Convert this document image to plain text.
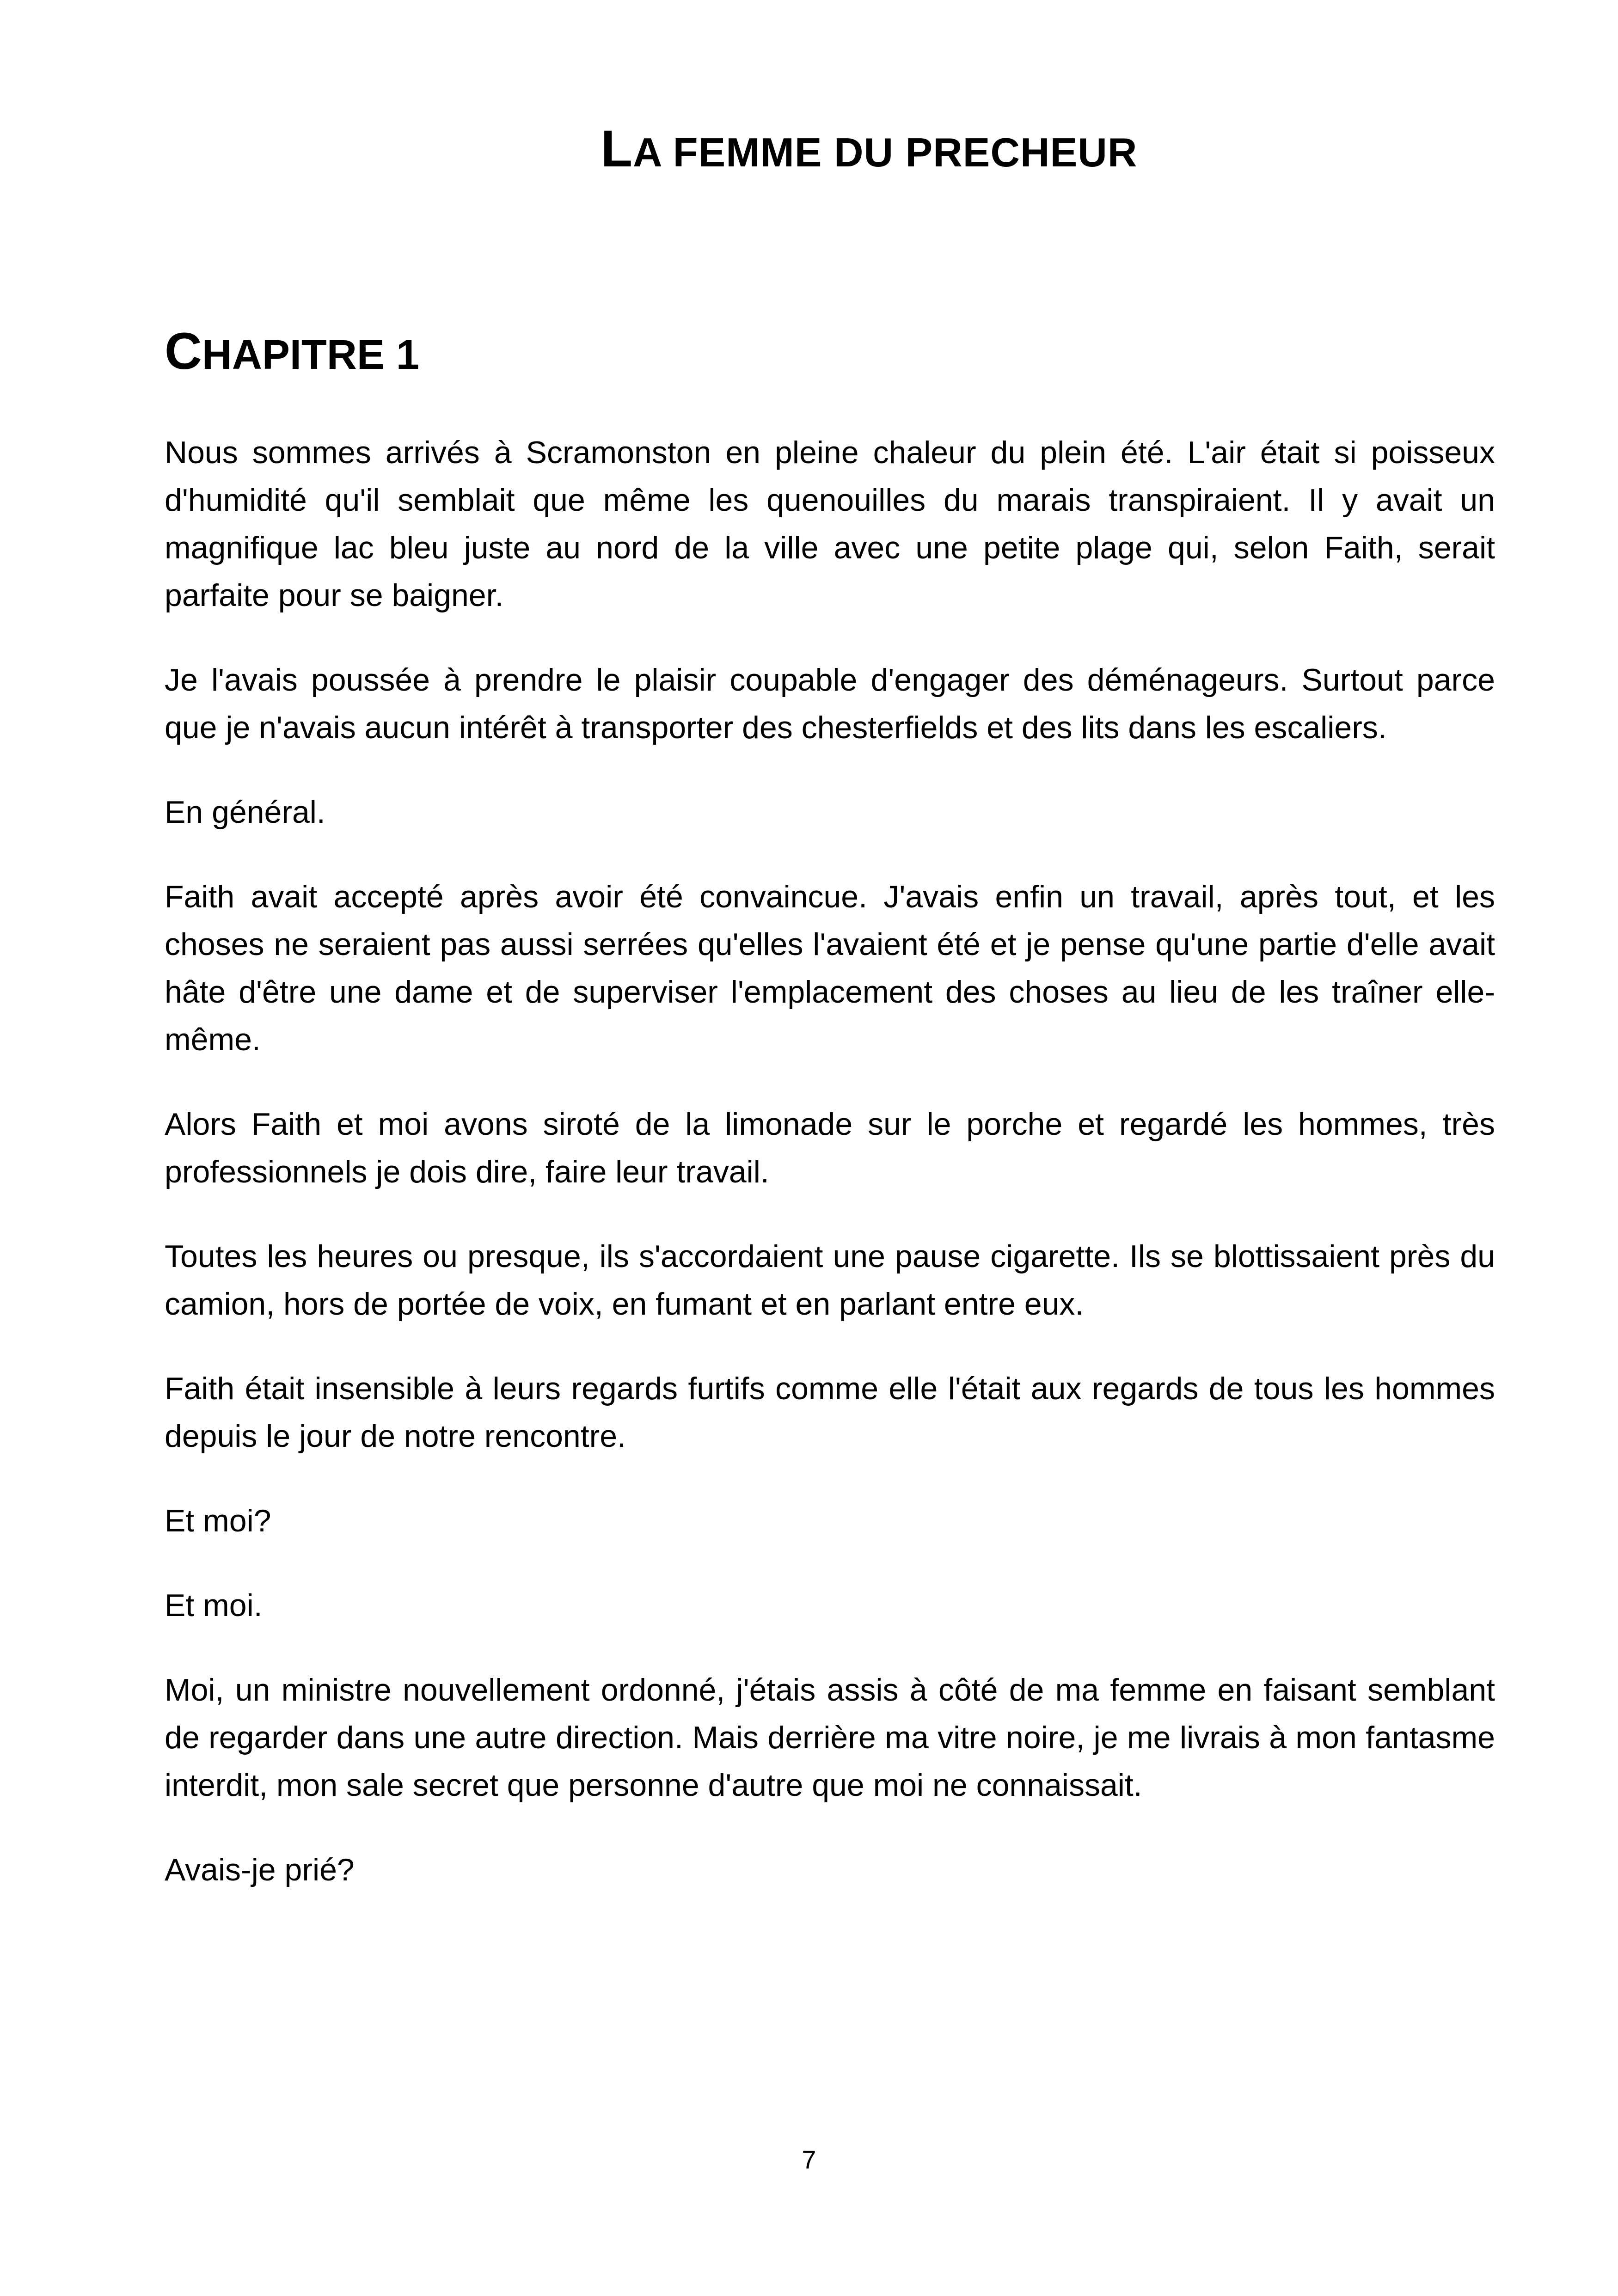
LA FEMME DU PRECHEUR
CHAPITRE 1

Nous sommes arrivés à Scramonston en pleine chaleur du plein été. L'air était si poisseux d'humidité qu'il semblait que même les quenouilles du marais transpiraient. Il y avait un magnifique lac bleu juste au nord de la ville avec une petite plage qui, selon Faith, serait parfaite pour se baigner.

Je l'avais poussée à prendre le plaisir coupable d'engager des déménageurs. Surtout parce que je n'avais aucun intérêt à transporter des chesterfields et des lits dans les escaliers.

En général.

Faith avait accepté après avoir été convaincue. J'avais enfin un travail, après tout, et les choses ne seraient pas aussi serrées qu'elles l'avaient été et je pense qu'une partie d'elle avait hâte d'être une dame et de superviser l'emplacement des choses au lieu de les traîner elle-même.

Alors Faith et moi avons siroté de la limonade sur le porche et regardé les hommes, très professionnels je dois dire, faire leur travail.

Toutes les heures ou presque, ils s'accordaient une pause cigarette. Ils se blottissaient près du camion, hors de portée de voix, en fumant et en parlant entre eux.

Faith était insensible à leurs regards furtifs comme elle l'était aux regards de tous les hommes depuis le jour de notre rencontre.

Et moi?

Et moi.

Moi, un ministre nouvellement ordonné, j'étais assis à côté de ma femme en faisant semblant de regarder dans une autre direction. Mais derrière ma vitre noire, je me livrais à mon fantasme interdit, mon sale secret que personne d'autre que moi ne connaissait.

Avais-je prié?

7
